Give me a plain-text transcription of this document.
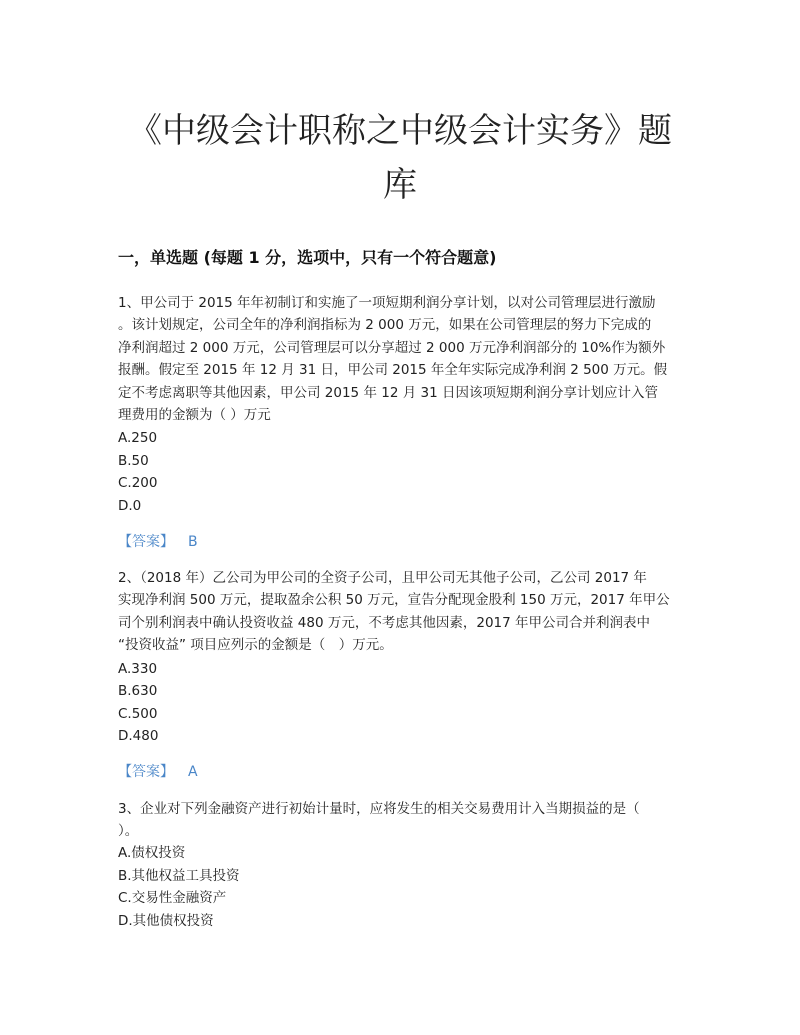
《中级会计职称之中级会计实务》题
库
一，单选题 (每题 1 分，选项中，只有一个符合题意)
1、甲公司于 2015 年年初制订和实施了一项短期利润分享计划，以对公司管理层进行激励
。该计划规定，公司全年的净利润指标为 2 000 万元，如果在公司管理层的努力下完成的
净利润超过 2 000 万元，公司管理层可以分享超过 2 000 万元净利润部分的 10%作为额外
报酬。假定至 2015 年 12 月 31 日，甲公司 2015 年全年实际完成净利润 2 500 万元。假
定不考虑离职等其他因素，甲公司 2015 年 12 月 31 日因该项短期利润分享计划应计入管
理费用的金额为（ ）万元
A.250
B.50
C.200
D.0
【答案】 B
2、（2018 年）乙公司为甲公司的全资子公司，且甲公司无其他子公司，乙公司 2017 年
实现净利润 500 万元，提取盈余公积 50 万元，宣告分配现金股利 150 万元，2017 年甲公
司个别利润表中确认投资收益 480 万元，不考虑其他因素，2017 年甲公司合并利润表中
“投资收益” 项目应列示的金额是（　）万元。
A.330
B.630
C.500
D.480
【答案】 A
3、企业对下列金融资产进行初始计量时，应将发生的相关交易费用计入当期损益的是（
）。
A.债权投资
B.其他权益工具投资
C.交易性金融资产
D.其他债权投资
